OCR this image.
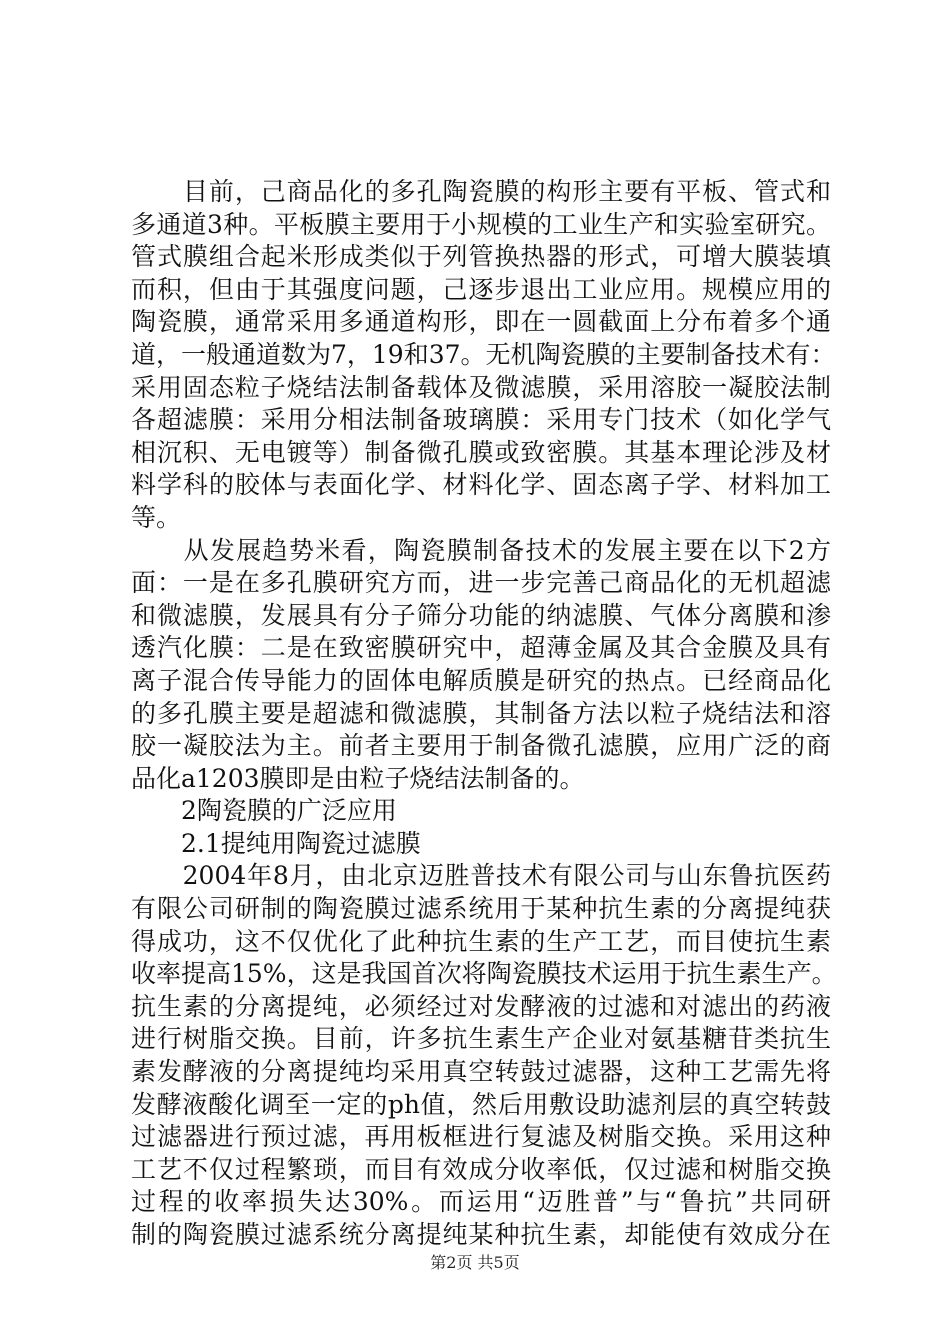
　　目前，己商品化的多孔陶瓷膜的构形主要有平板、管式和
多通道3种。平板膜主要用于小规模的工业生产和实验室研究。
管式膜组合起米形成类似于列管换热器的形式，可增大膜装填
而积，但由于其强度问题，己逐步退出工业应用。规模应用的
陶瓷膜，通常采用多通道构形，即在一圆截面上分布着多个通
道，一般通道数为7，19和37。无机陶瓷膜的主要制备技术有：
采用固态粒子烧结法制备载体及微滤膜，采用溶胶一凝胶法制
各超滤膜：采用分相法制备玻璃膜：采用专门技术（如化学气
相沉积、无电镀等）制备微孔膜或致密膜。其基本理论涉及材
料学科的胶体与表面化学、材料化学、固态离子学、材料加工
等。
　　从发展趋势米看，陶瓷膜制备技术的发展主要在以下2方
面：一是在多孔膜研究方而，进一步完善己商品化的无机超滤
和微滤膜，发展具有分子筛分功能的纳滤膜、气体分离膜和渗
透汽化膜：二是在致密膜研究中，超薄金属及其合金膜及具有
离子混合传导能力的固体电解质膜是研究的热点。已经商品化
的多孔膜主要是超滤和微滤膜，其制备方法以粒子烧结法和溶
胶一凝胶法为主。前者主要用于制备微孔滤膜，应用广泛的商
品化a1203膜即是由粒子烧结法制备的。
　　2陶瓷膜的广泛应用
　　2.1提纯用陶瓷过滤膜
　　2004年8月，由北京迈胜普技术有限公司与山东鲁抗医药
有限公司研制的陶瓷膜过滤系统用于某种抗生素的分离提纯获
得成功，这不仅优化了此种抗生素的生产工艺，而目使抗生素
收率提高15%，这是我国首次将陶瓷膜技术运用于抗生素生产。
抗生素的分离提纯，必须经过对发酵液的过滤和对滤出的药液
进行树脂交换。目前，许多抗生素生产企业对氨基糖苷类抗生
素发酵液的分离提纯均采用真空转鼓过滤器，这种工艺需先将
发酵液酸化调至一定的ph值，然后用敷设助滤剂层的真空转鼓
过滤器进行预过滤，再用板框进行复滤及树脂交换。采用这种
工艺不仅过程繁琐，而目有效成分收率低，仅过滤和树脂交换
过程的收率损失达30%。而运用“迈胜普”与“鲁抗”共同研
制的陶瓷膜过滤系统分离提纯某种抗生素，却能使有效成分在
第2页 共5页
